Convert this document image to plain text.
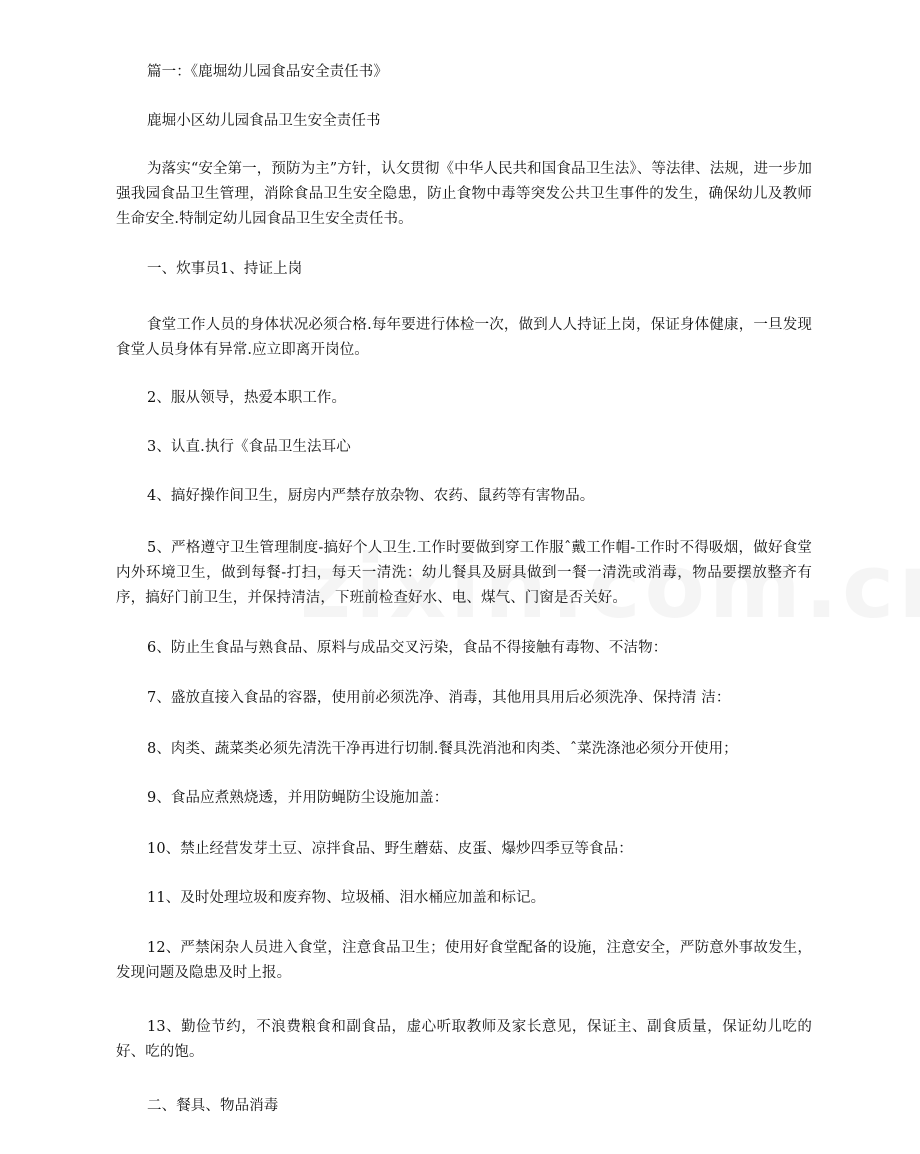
篇一：《鹿堀幼儿园食品安全责任书》

鹿堀小区幼儿园食品卫生安全责任书

为落实“安全第一，预防为主”方针，认攵贯彻《中华人民共和国食品卫生法》、等法律、法规，进一步加强我园食品卫生管理，消除食品卫生安全隐患，防止食物中毒等突发公共卫生事件的发生，确保幼儿及教师生命安全.特制定幼儿园食品卫生安全责任书。

一、炊事员1、持证上岗

食堂工作人员的身体状况必须合格.每年要进行体检一次，做到人人持证上岗，保证身体健康，一旦发现食堂人员身体有异常.应立即离开岗位。

2、服从领导，热爱本职工作。

3、认直.执行《食品卫生法耳心

4、搞好操作间卫生，厨房内严禁存放杂物、农药、鼠药等有害物品。

5、严格遵守卫生管理制度-搞好个人卫生.工作时要做到穿工作服ˆ戴工作帽-工作时不得吸烟，做好食堂内外环境卫生，做到每餐-打扫，每天一清洗：幼儿餐具及厨具做到一餐一清洗或消毒，物品要摆放整齐有序，搞好门前卫生，并保持清洁，下班前检查好水、电、煤气、门窗是否关好。

6、防止生食品与熟食品、原料与成品交叉污染，食品不得接触有毒物、不洁物：

7、盛放直接入食品的容器，使用前必须洗净、消毒，其他用具用后必须洗净、保持清 洁：

8、肉类、蔬菜类必须先清洗干净再进行切制.餐具洗消池和肉类、ˆ菜洗涤池必须分开使用；

9、食品应煮熟烧透，并用防蝇防尘设施加盖：

10、禁止经营发芽土豆、凉拌食品、野生蘑菇、皮蛋、爆炒四季豆等食品：

11、及时处理垃圾和废弃物、垃圾桶、泪水桶应加盖和标记。

12、严禁闲杂人员进入食堂，注意食品卫生；使用好食堂配备的设施，注意安全，严防意外事故发生，发现问题及隐患及时上报。

13、勤俭节约，不浪费粮食和副食品，虚心听取教师及家长意见，保证主、副食质量，保证幼儿吃的好、吃的饱。

二、餐具、物品消毒
